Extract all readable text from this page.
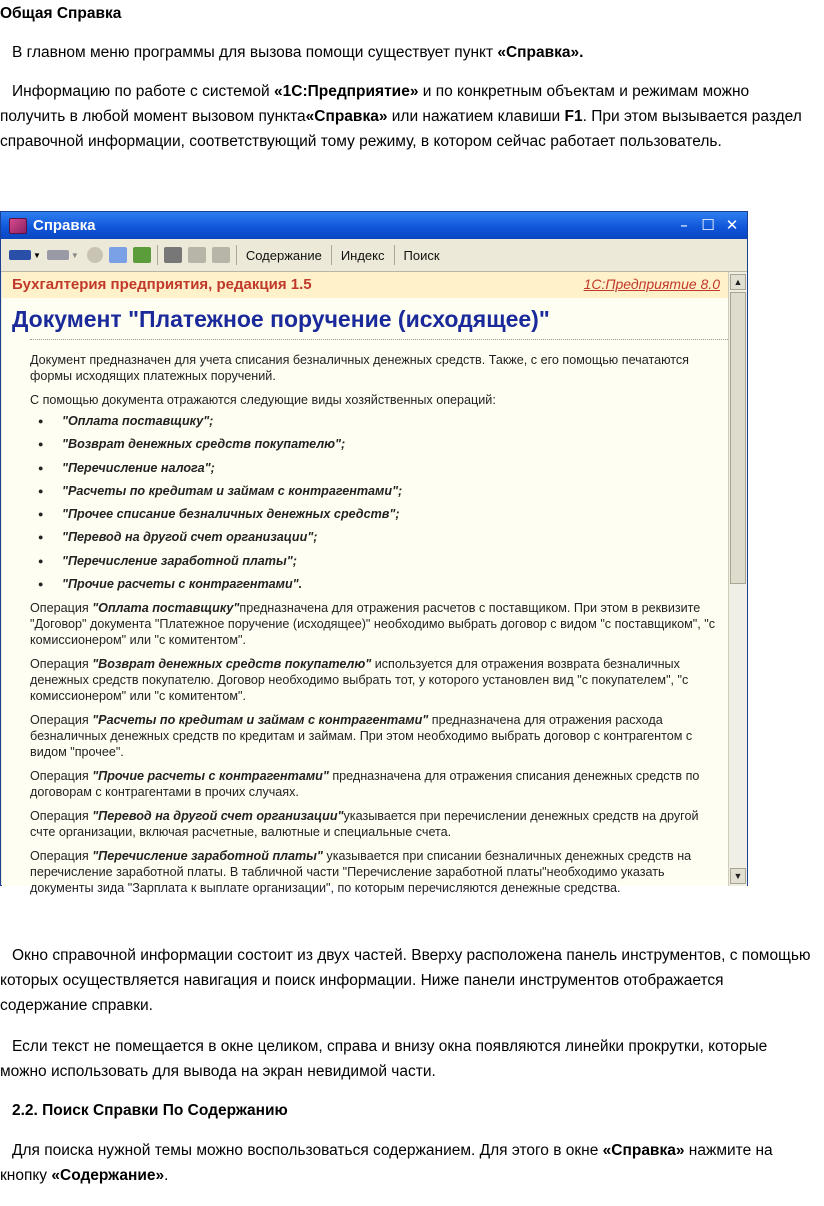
Общая Справка
В главном меню программы для вызова помощи существует пункт «Справка».
Информацию по работе с системой «1С:Предприятие» и по конкретным объектам и режимам можно получить в любой момент вызовом пункта«Справка» или нажатием клавиши F1. При этом вызывается раздел справочной информации, соответствующий тому режиму, в котором сейчас работает пользователь.
Справка	– ☐ ✕
▼	▼	Содержание Индекс Поиск
Бухгалтерия предприятия, редакция 1.5	1С:Предприятие 8.0
Документ "Платежное поручение (исходящее)"
Документ предназначен для учета списания безналичных денежных средств. Также, с его помощью печатаются формы исходящих платежных поручений.
С помощью документа отражаются следующие виды хозяйственных операций:
● "Оплата поставщику";
● "Возврат денежных средств покупателю";
● "Перечисление налога";
● "Расчеты по кредитам и займам с контрагентами";
● "Прочее списание безналичных денежных средств";
● "Перевод на другой счет организации";
● "Перечисление заработной платы";
● "Прочие расчеты с контрагентами".
Операция "Оплата поставщику"предназначена для отражения расчетов с поставщиком. При этом в реквизите "Договор" документа "Платежное поручение (исходящее)" необходимо выбрать договор с видом "с поставщиком", "с комиссионером" или "с комитентом".
Операция "Возврат денежных средств покупателю" используется для отражения возврата безналичных денежных средств покупателю. Договор необходимо выбрать тот, у которого установлен вид "с покупателем", "с комиссионером" или "с комитентом".
Операция "Расчеты по кредитам и займам с контрагентами" предназначена для отражения расхода безналичных денежных средств по кредитам и займам. При этом необходимо выбрать договор с контрагентом с видом "прочее".
Операция "Прочие расчеты с контрагентами" предназначена для отражения списания денежных средств по договорам с контрагентами в прочих случаях.
Операция "Перевод на другой счет организации"указывается при перечислении денежных средств на другой счте организации, включая расчетные, валютные и специальные счета.
Операция "Перечисление заработной платы" указывается при списании безналичных денежных средств на перечисление заработной платы. В табличной части "Перечисление заработной платы"необходимо указать документы зида "Зарплата к выплате организации", по которым перечисляются денежные средства.
▲
▼
Окно справочной информации состоит из двух частей. Вверху расположена панель инструментов, с помощью которых осуществляется навигация и поиск информации. Ниже панели инструментов отображается содержание справки.
Если текст не помещается в окне целиком, справа и внизу окна появляются линейки прокрутки, которые можно использовать для вывода на экран невидимой части.
2.2. Поиск Справки По Содержанию
Для поиска нужной темы можно воспользоваться содержанием. Для этого в окне «Справка» нажмите на кнопку «Содержание».
